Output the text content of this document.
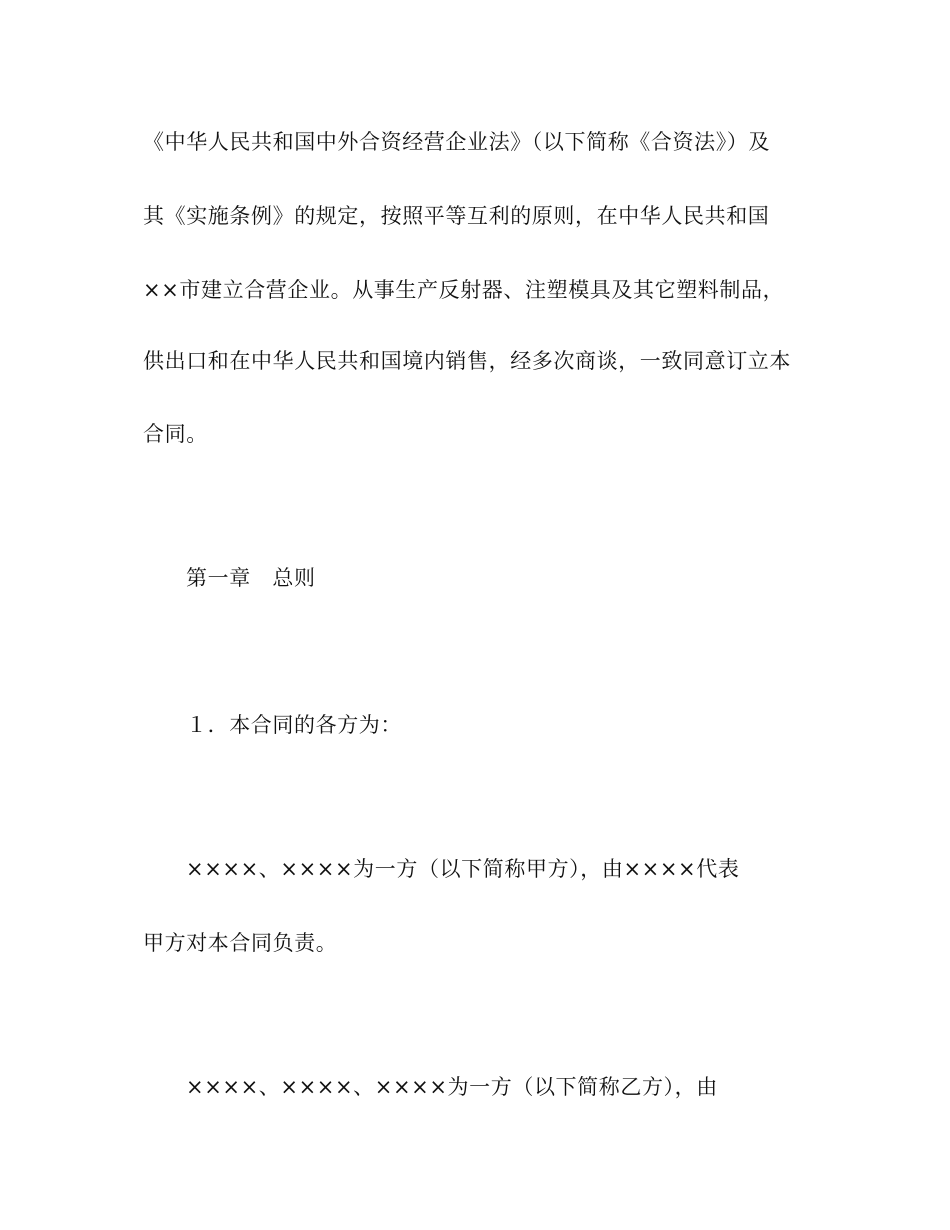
《中华人民共和国中外合资经营企业法》（以下简称《合资法》）及
其《实施条例》的规定，按照平等互利的原则，在中华人民共和国
××市建立合营企业。从事生产反射器、注塑模具及其它塑料制品，
供出口和在中华人民共和国境内销售，经多次商谈，一致同意订立本
合同。
第一章　总则
１．本合同的各方为：
××××、××××为一方（以下简称甲方），由××××代表
甲方对本合同负责。
××××、××××、××××为一方（以下简称乙方），由
